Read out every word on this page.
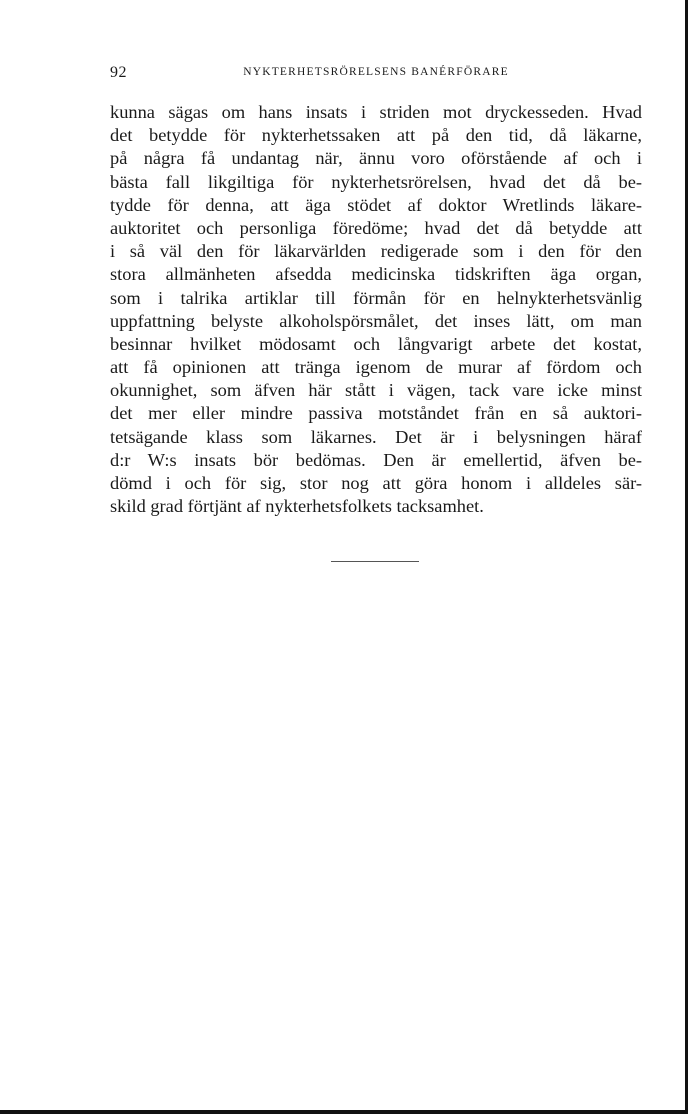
92	NYKTERHETSRÖRELSENS BANÉRFÖRARE
kunna sägas om hans insats i striden mot dryckesseden. Hvad
det betydde för nykterhetssaken att på den tid, då läkarne,
på några få undantag när, ännu voro oförstående af och i
bästa fall likgiltiga för nykterhetsrörelsen, hvad det då be-
tydde för denna, att äga stödet af doktor Wretlinds läkare-
auktoritet och personliga föredöme; hvad det då betydde att
i så väl den för läkarvärlden redigerade som i den för den
stora allmänheten afsedda medicinska tidskriften äga organ,
som i talrika artiklar till förmån för en helnykterhetsvänlig
uppfattning belyste alkoholspörsmålet, det inses lätt, om man
besinnar hvilket mödosamt och långvarigt arbete det kostat,
att få opinionen att tränga igenom de murar af fördom och
okunnighet, som äfven här stått i vägen, tack vare icke minst
det mer eller mindre passiva motståndet från en så auktori-
tetsägande klass som läkarnes. Det är i belysningen häraf
d:r W:s insats bör bedömas. Den är emellertid, äfven be-
dömd i och för sig, stor nog att göra honom i alldeles sär-
skild grad förtjänt af nykterhetsfolkets tacksamhet.
